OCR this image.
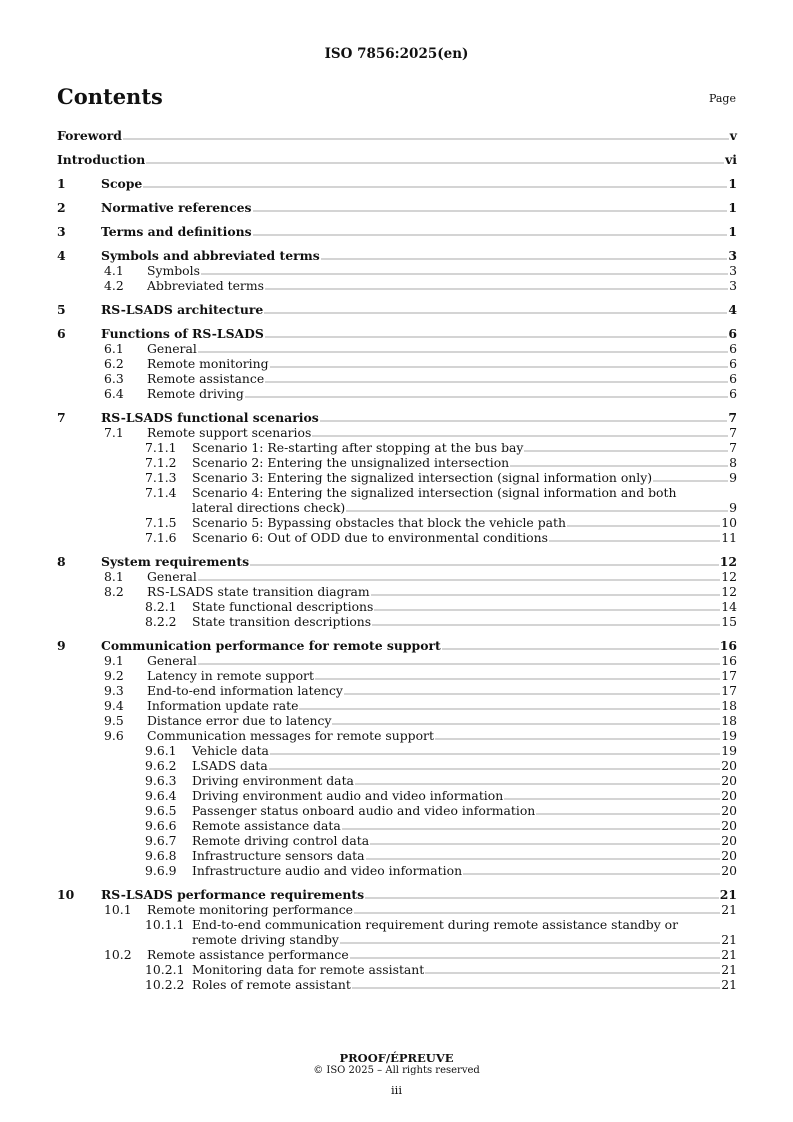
ISO 7856:2025(en)
Contents	Page
Foreword	v
Introduction	vi
1	Scope	1
2	Normative references	1
3	Terms and definitions	1
4	Symbols and abbreviated terms	3
4.1 Symbols	3
4.2 Abbreviated terms	3
5	RS-LSADS architecture	4
6	Functions of RS-LSADS	6
6.1 General	6
6.2 Remote monitoring	6
6.3 Remote assistance	6
6.4 Remote driving	6
7	RS-LSADS functional scenarios	7
7.1 Remote support scenarios	7
7.1.1 Scenario 1: Re-starting after stopping at the bus bay	7
7.1.2 Scenario 2: Entering the unsignalized intersection	8
7.1.3 Scenario 3: Entering the signalized intersection (signal information only)	9
7.1.4 Scenario 4: Entering the signalized intersection (signal information and both
lateral directions check)	9
7.1.5 Scenario 5: Bypassing obstacles that block the vehicle path	10
7.1.6 Scenario 6: Out of ODD due to environmental conditions	11
8	System requirements	12
8.1 General	12
8.2 RS-LSADS state transition diagram	12
8.2.1 State functional descriptions	14
8.2.2 State transition descriptions	15
9	Communication performance for remote support	16
9.1 General	16
9.2 Latency in remote support	17
9.3 End-to-end information latency	17
9.4 Information update rate	18
9.5 Distance error due to latency	18
9.6 Communication messages for remote support	19
9.6.1 Vehicle data	19
9.6.2 LSADS data	20
9.6.3 Driving environment data	20
9.6.4 Driving environment audio and video information	20
9.6.5 Passenger status onboard audio and video information	20
9.6.6 Remote assistance data	20
9.6.7 Remote driving control data	20
9.6.8 Infrastructure sensors data	20
9.6.9 Infrastructure audio and video information	20
10 RS-LSADS performance requirements	21
10.1 Remote monitoring performance	21
10.1.1 End-to-end communication requirement during remote assistance standby or
remote driving standby	21
10.2 Remote assistance performance	21
10.2.1 Monitoring data for remote assistant	21
10.2.2 Roles of remote assistant	21
PROOF/ÉPREUVE
© ISO 2025 – All rights reserved
iii
